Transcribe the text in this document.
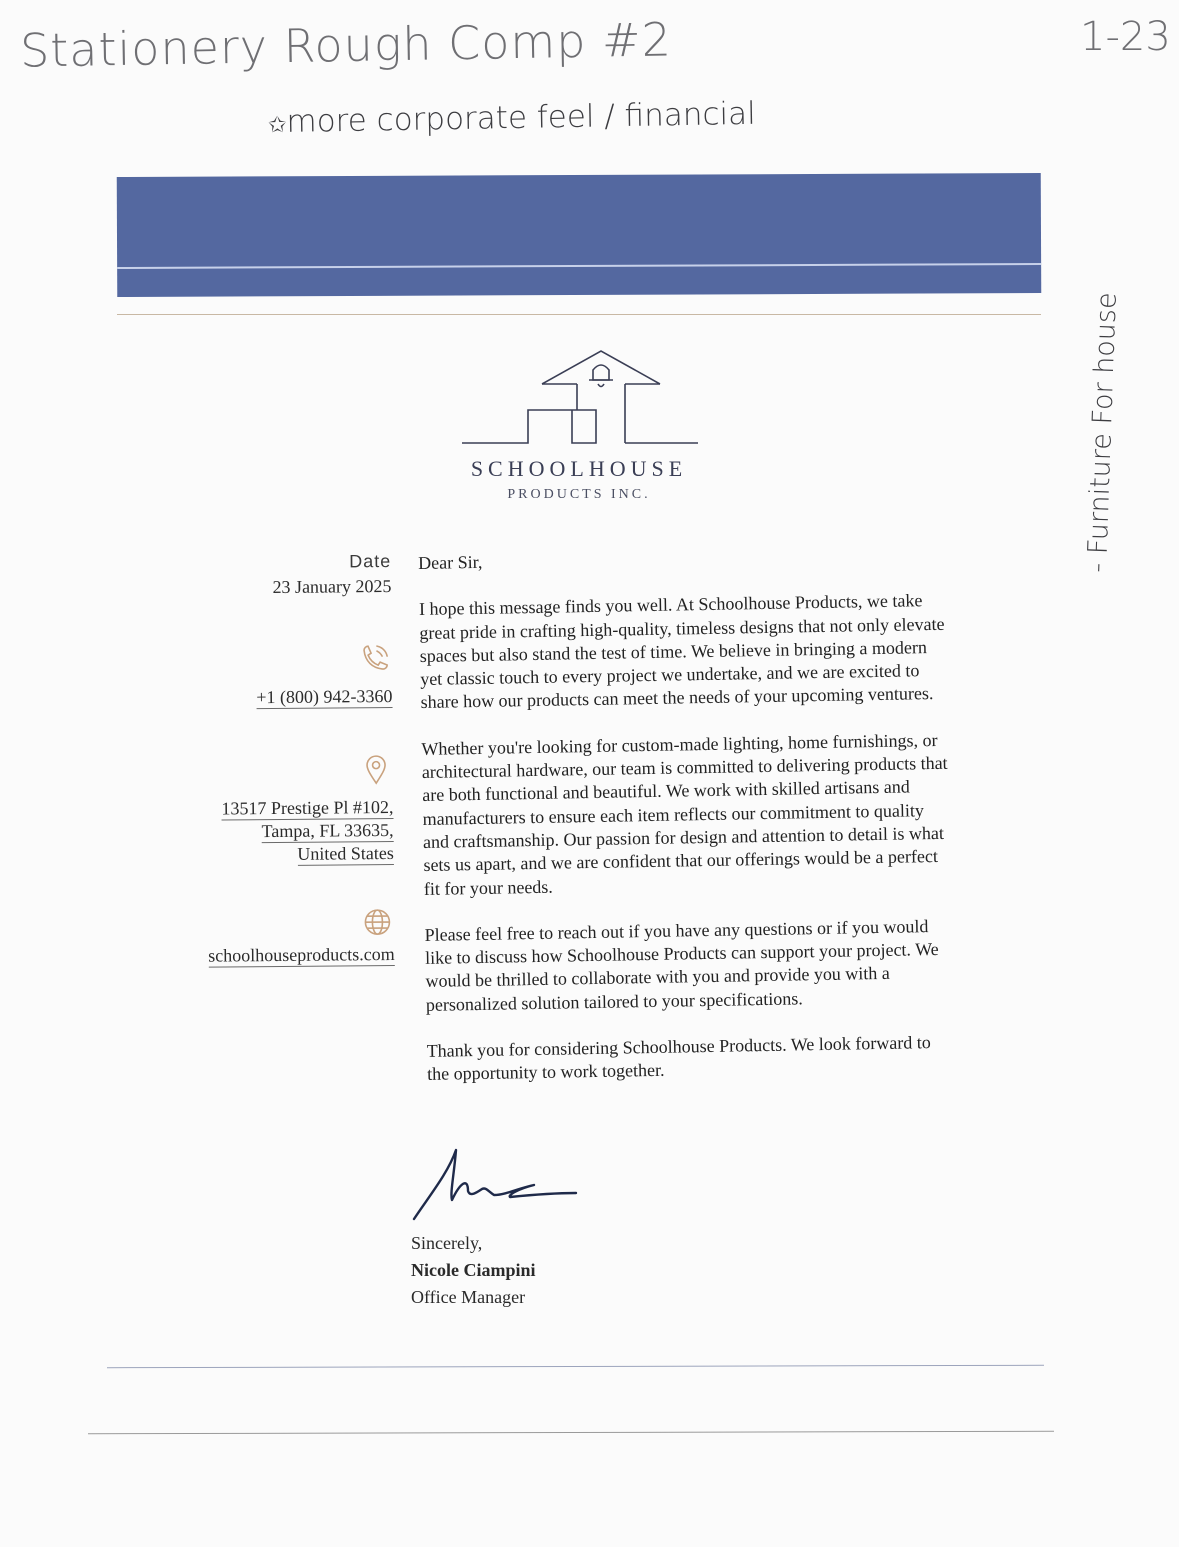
Stationery Rough Comp #2	1-23
✩more corporate feel / financial
- Furniture For house
SCHOOLHOUSE
PRODUCTS INC.
Date
23 January 2025
+1 (800) 942-3360
13517 Prestige Pl #102,
Tampa, FL 33635,
United States
schoolhouseproducts.com

Dear Sir,

I hope this message finds you well. At Schoolhouse Products, we take great pride in crafting high-quality, timeless designs that not only elevate spaces but also stand the test of time. We believe in bringing a modern yet classic touch to every project we undertake, and we are excited to share how our products can meet the needs of your upcoming ventures.

Whether you're looking for custom-made lighting, home furnishings, or architectural hardware, our team is committed to delivering products that are both functional and beautiful. We work with skilled artisans and manufacturers to ensure each item reflects our commitment to quality and craftsmanship. Our passion for design and attention to detail is what sets us apart, and we are confident that our offerings would be a perfect fit for your needs.

Please feel free to reach out if you have any questions or if you would like to discuss how Schoolhouse Products can support your project. We would be thrilled to collaborate with you and provide you with a personalized solution tailored to your specifications.

Thank you for considering Schoolhouse Products. We look forward to the opportunity to work together.

Sincerely,
Nicole Ciampini
Office Manager
